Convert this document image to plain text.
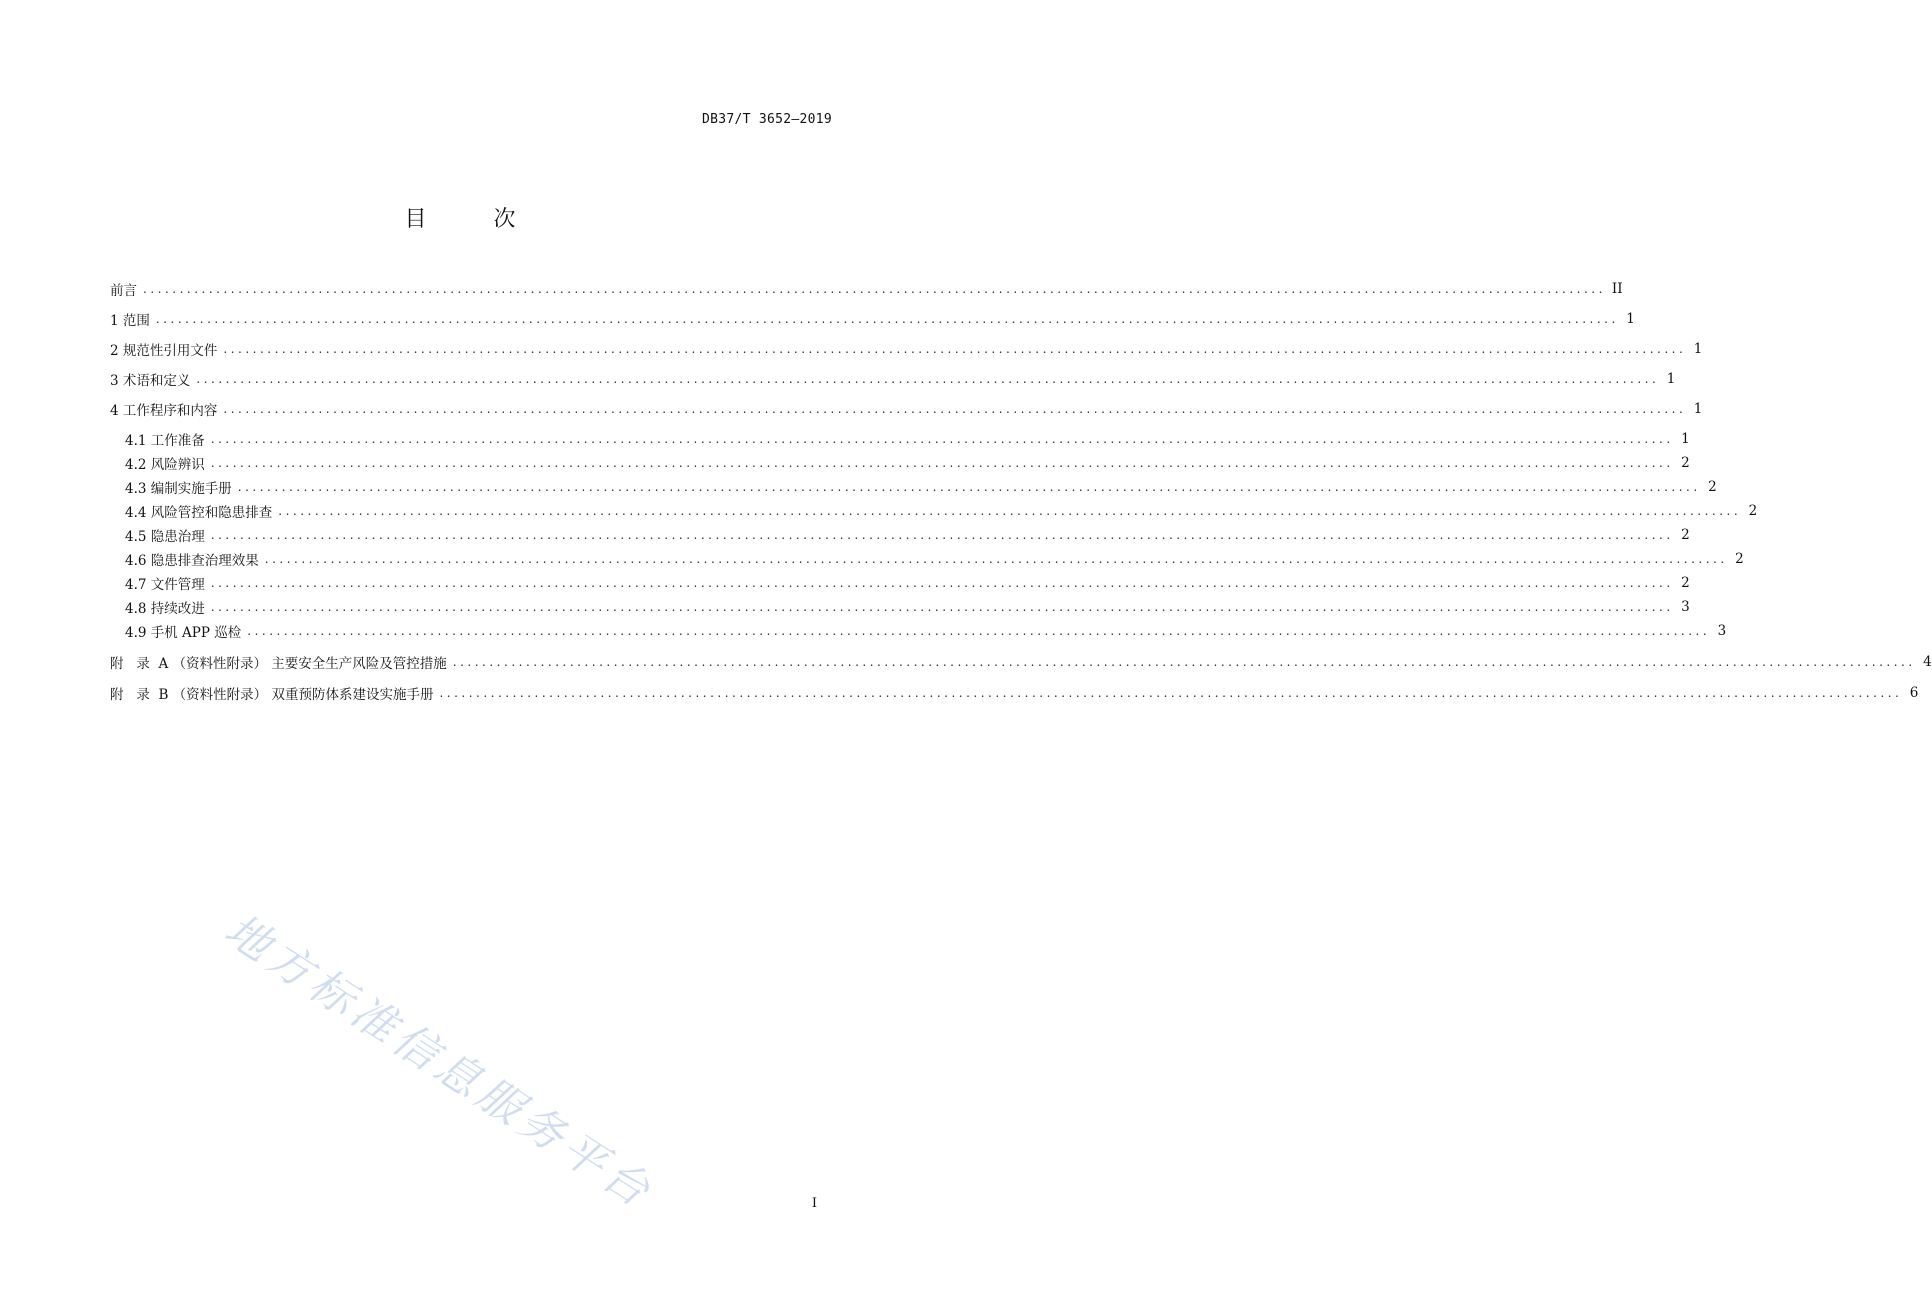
DB37/T 3652—2019
目	次
前言 ........................................................................................................................................................................................................ II
1 范围 ........................................................................................................................................................................................................ 1
2 规范性引用文件 ........................................................................................................................................................................................................ 1
3 术语和定义 ........................................................................................................................................................................................................ 1
4 工作程序和内容 ........................................................................................................................................................................................................ 1
4.1 工作准备 ........................................................................................................................................................................................................ 1
4.2 风险辨识 ........................................................................................................................................................................................................ 2
4.3 编制实施手册 ........................................................................................................................................................................................................ 2
4.4 风险管控和隐患排查 ........................................................................................................................................................................................................ 2
4.5 隐患治理 ........................................................................................................................................................................................................ 2
4.6 隐患排查治理效果 ........................................................................................................................................................................................................ 2
4.7 文件管理 ........................................................................................................................................................................................................ 2
4.8 持续改进 ........................................................................................................................................................................................................ 3
4.9 手机 APP 巡检 ........................................................................................................................................................................................................ 3
附   录  A （资料性附录） 主要安全生产风险及管控措施 ........................................................................................................................................................................................................ 4
附   录  B （资料性附录） 双重预防体系建设实施手册 ........................................................................................................................................................................................................ 6
地方标准信息服务平台	I
